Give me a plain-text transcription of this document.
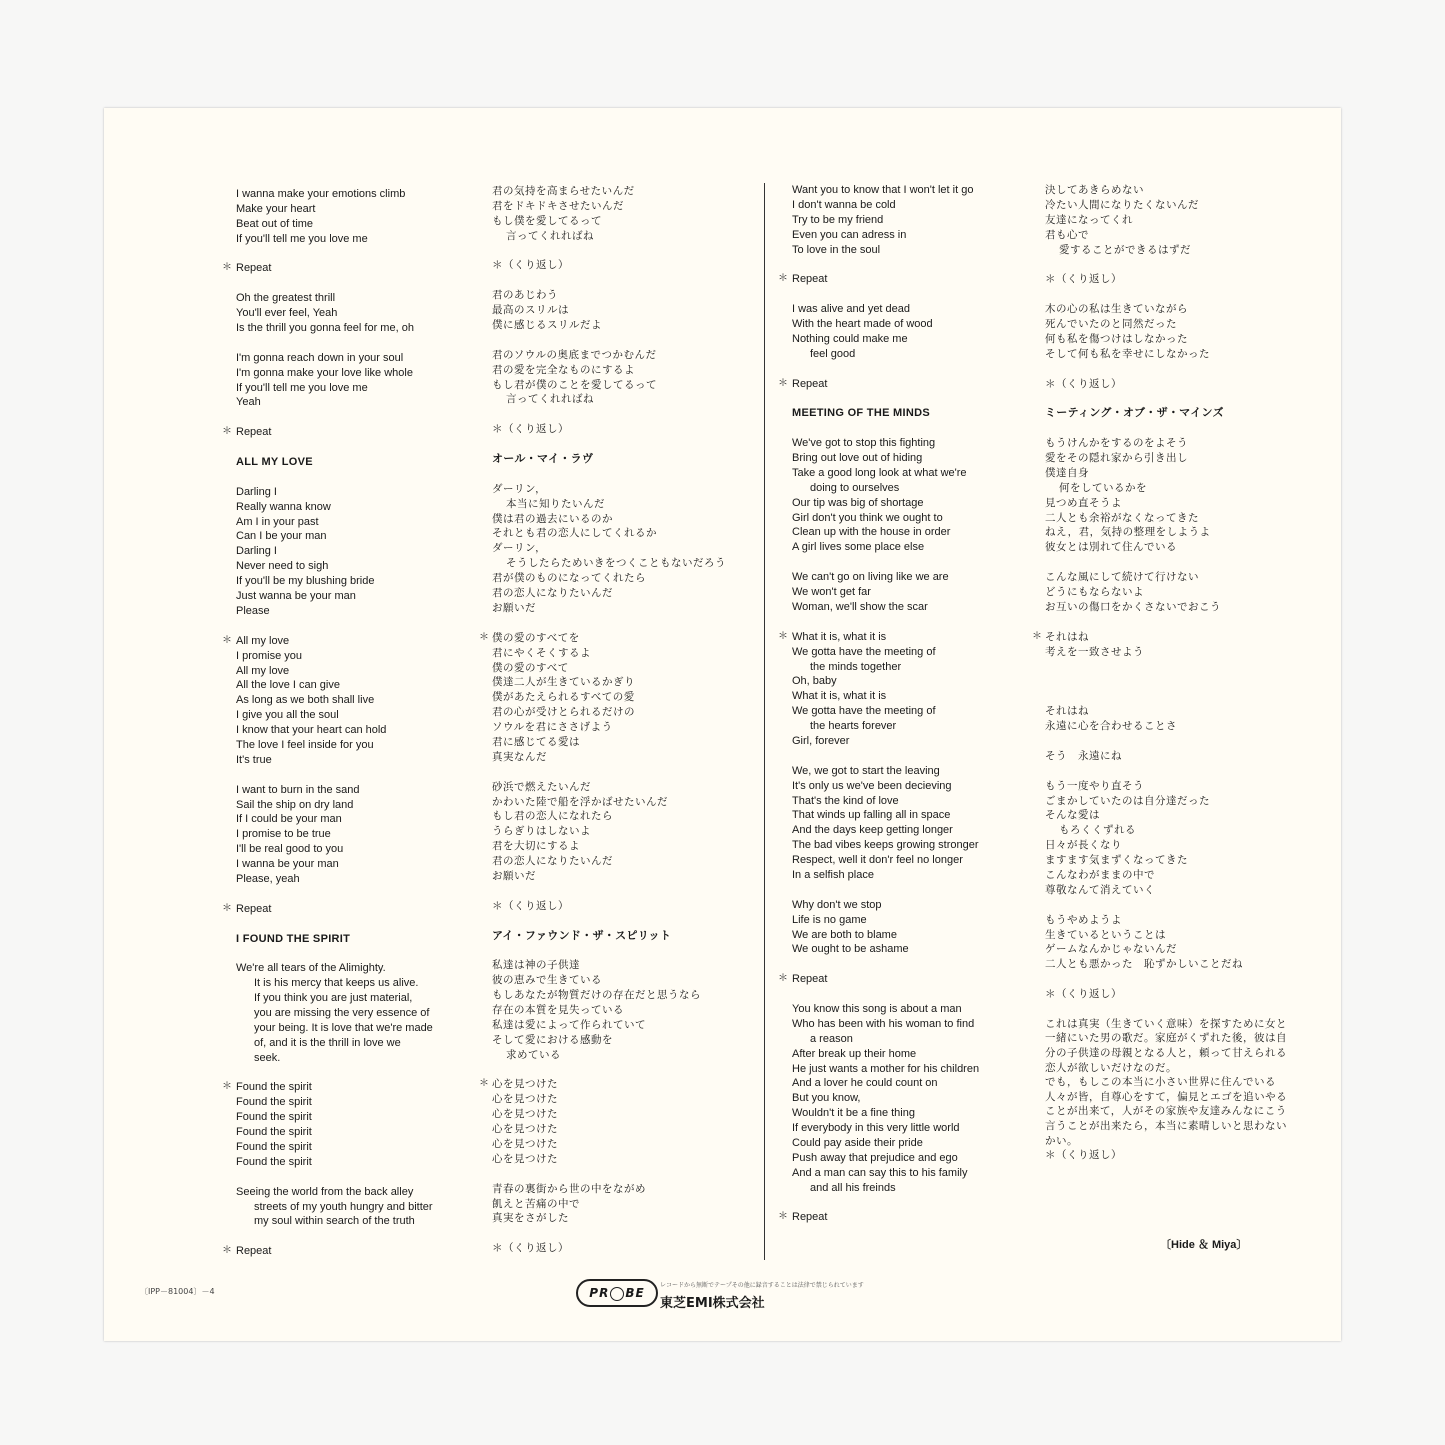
I wanna make your emotions climb
Make your heart
Beat out of time
If you'll tell me you love me
Repeat
＊
Oh the greatest thrill
You'll ever feel, Yeah
Is the thrill you gonna feel for me, oh
I'm gonna reach down in your soul
I'm gonna make your love like whole
If you'll tell me you love me
Yeah
Repeat
＊
ALL MY LOVE
Darling I
Really wanna know
Am I in your past
Can I be your man
Darling I
Never need to sigh
If you'll be my blushing bride
Just wanna be your man
Please
All my love
＊
I promise you
All my love
All the love I can give
As long as we both shall live
I give you all the soul
I know that your heart can hold
The love I feel inside for you
It's true
I want to burn in the sand
Sail the ship on dry land
If I could be your man
I promise to be true
I'll be real good to you
I wanna be your man
Please, yeah
Repeat
＊
I FOUND THE SPIRIT
We're all tears of the Alimighty.
It is his mercy that keeps us alive.
If you think you are just material,
you are missing the very essence of
your being. It is love that we're made
of, and it is the thrill in love we
seek.
Found the spirit
＊
Found the spirit
Found the spirit
Found the spirit
Found the spirit
Found the spirit
Seeing the world from the back alley
streets of my youth hungry and bitter
my soul within search of the truth
Repeat
＊
君の気持を高まらせたいんだ
君をドキドキさせたいんだ
もし僕を愛してるって
言ってくれればね
＊（くり返し）
君のあじわう
最高のスリルは
僕に感じるスリルだよ
君のソウルの奥底までつかむんだ
君の愛を完全なものにするよ
もし君が僕のことを愛してるって
言ってくれればね
＊（くり返し）
オール・マイ・ラヴ
ダーリン，
本当に知りたいんだ
僕は君の過去にいるのか
それとも君の恋人にしてくれるか
ダーリン，
そうしたらためいきをつくこともないだろう
君が僕のものになってくれたら
君の恋人になりたいんだ
お願いだ
僕の愛のすべてを
＊
君にやくそくするよ
僕の愛のすべて
僕達二人が生きているかぎり
僕があたえられるすべての愛
君の心が受けとられるだけの
ソウルを君にささげよう
君に感じてる愛は
真実なんだ
砂浜で燃えたいんだ
かわいた陸で船を浮かばせたいんだ
もし君の恋人になれたら
うらぎりはしないよ
君を大切にするよ
君の恋人になりたいんだ
お願いだ
＊（くり返し）
アイ・ファウンド・ザ・スピリット
私達は神の子供達
彼の恵みで生きている
もしあなたが物質だけの存在だと思うなら
存在の本質を見失っている
私達は愛によって作られていて
そして愛における感動を
求めている
心を見つけた
＊
心を見つけた
心を見つけた
心を見つけた
心を見つけた
心を見つけた
青春の裏街から世の中をながめ
飢えと苦痛の中で
真実をさがした
＊（くり返し）
Want you to know that I won't let it go
I don't wanna be cold
Try to be my friend
Even you can adress in
To love in the soul
Repeat
＊
I was alive and yet dead
With the heart made of wood
Nothing could make me
feel good
Repeat
＊
MEETING OF THE MINDS
We've got to stop this fighting
Bring out love out of hiding
Take a good long look at what we're
doing to ourselves
Our tip was big of shortage
Girl don't you think we ought to
Clean up with the house in order
A girl lives some place else
We can't go on living like we are
We won't get far
Woman, we'll show the scar
What it is, what it is
＊
We gotta have the meeting of
the minds together
Oh, baby
What it is, what it is
We gotta have the meeting of
the hearts forever
Girl, forever
We, we got to start the leaving
It's only us we've been decieving
That's the kind of love
That winds up falling all in space
And the days keep getting longer
The bad vibes keeps growing stronger
Respect, well it don'r feel no longer
In a selfish place
Why don't we stop
Life is no game
We are both to blame
We ought to be ashame
Repeat
＊
You know this song is about a man
Who has been with his woman to find
a reason
After break up their home
He just wants a mother for his children
And a lover he could count on
But you know,
Wouldn't it be a fine thing
If everybody in this very little world
Could pay aside their pride
Push away that prejudice and ego
And a man can say this to his family
and all his freinds
Repeat
＊
決してあきらめない
冷たい人間になりたくないんだ
友達になってくれ
君も心で
愛することができるはずだ
＊（くり返し）
木の心の私は生きていながら
死んでいたのと同然だった
何も私を傷つけはしなかった
そして何も私を幸せにしなかった
＊（くり返し）
ミーティング・オブ・ザ・マインズ
もうけんかをするのをよそう
愛をその隠れ家から引き出し
僕達自身
何をしているかを
見つめ直そうよ
二人とも余裕がなくなってきた
ねえ，君，気持の整理をしようよ
彼女とは別れて住んでいる
こんな風にして続けて行けない
どうにもならないよ
お互いの傷口をかくさないでおこう
それはね
＊
考えを一致させよう
それはね
永遠に心を合わせることさ
そう　永遠にね
もう一度やり直そう
ごまかしていたのは自分達だった
そんな愛は
もろくくずれる
日々が長くなり
ますます気まずくなってきた
こんなわがままの中で
尊敬なんて消えていく
もうやめようよ
生きているということは
ゲームなんかじゃないんだ
二人とも悪かった　恥ずかしいことだね
＊（くり返し）
これは真実（生きていく意味）を探すために女と一緒にいた男の歌だ。家庭がくずれた後，彼は自分の子供達の母親となる人と，頼って甘えられる恋人が欲しいだけなのだ。
でも，もしこの本当に小さい世界に住んでいる人々が皆，自尊心をすて，偏見とエゴを追いやることが出来て，人がその家族や友達みんなにこう言うことが出来たら，本当に素晴しいと思わないかい。
＊（くり返し）
〔Hide ＆ Miya〕
〔IPP－81004〕－4	PR BE
レコードから無断でテープその他に録音することは法律で禁じられています
東芝EMI株式会社
